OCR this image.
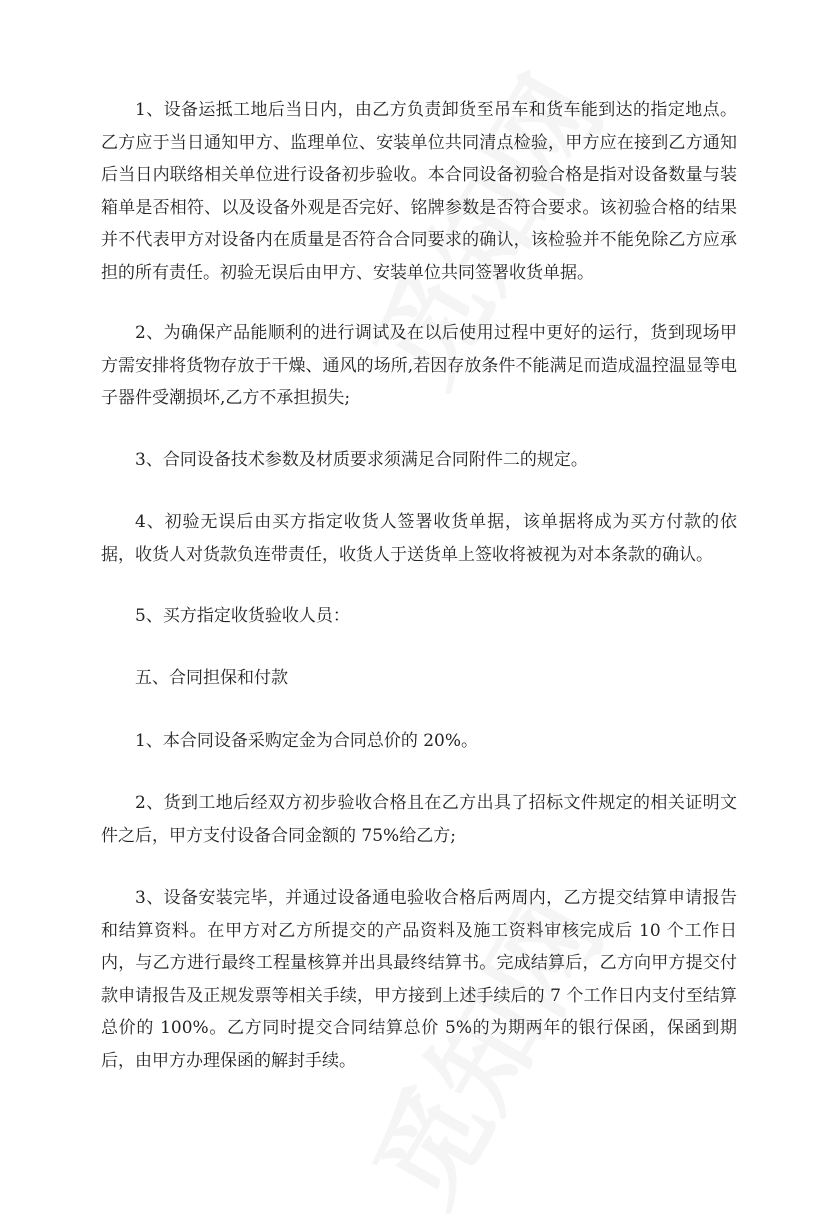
1、设备运抵工地后当日内，由乙方负责卸货至吊车和货车能到达的指定地点。乙方应于当日通知甲方、监理单位、安装单位共同清点检验，甲方应在接到乙方通知后当日内联络相关单位进行设备初步验收。本合同设备初验合格是指对设备数量与装箱单是否相符、以及设备外观是否完好、铭牌参数是否符合要求。该初验合格的结果并不代表甲方对设备内在质量是否符合合同要求的确认，该检验并不能免除乙方应承担的所有责任。初验无误后由甲方、安装单位共同签署收货单据。

2、为确保产品能顺利的进行调试及在以后使用过程中更好的运行，货到现场甲方需安排将货物存放于干燥、通风的场所,若因存放条件不能满足而造成温控温显等电子器件受潮损坏,乙方不承担损失;

3、合同设备技术参数及材质要求须满足合同附件二的规定。

4、初验无误后由买方指定收货人签署收货单据，该单据将成为买方付款的依据，收货人对货款负连带责任，收货人于送货单上签收将被视为对本条款的确认。

5、买方指定收货验收人员：

五、合同担保和付款

1、本合同设备采购定金为合同总价的 20%。

2、货到工地后经双方初步验收合格且在乙方出具了招标文件规定的相关证明文件之后，甲方支付设备合同金额的 75%给乙方;

3、设备安装完毕，并通过设备通电验收合格后两周内，乙方提交结算申请报告和结算资料。在甲方对乙方所提交的产品资料及施工资料审核完成后 10 个工作日内，与乙方进行最终工程量核算并出具最终结算书。完成结算后，乙方向甲方提交付款申请报告及正规发票等相关手续，甲方接到上述手续后的 7 个工作日内支付至结算总价的 100%。乙方同时提交合同结算总价 5%的为期两年的银行保函，保函到期后，由甲方办理保函的解封手续。
